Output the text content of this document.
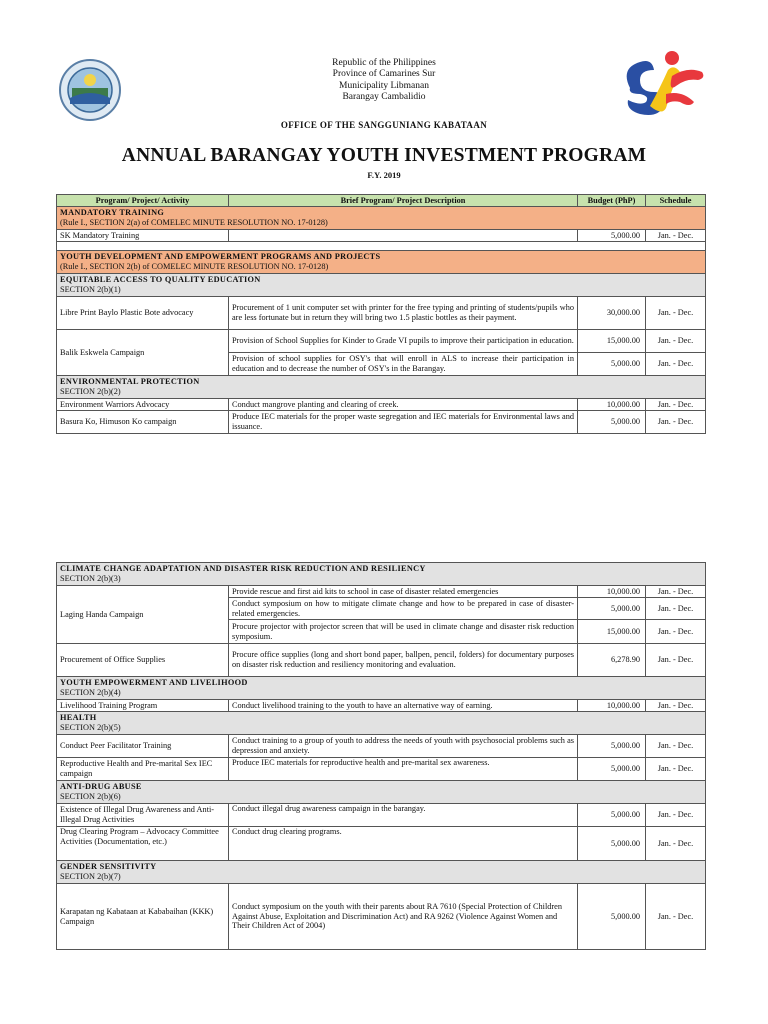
Republic of the Philippines
Province of Camarines Sur
Municipality Libmanan
Barangay Cambalidio
OFFICE OF THE SANGGUNIANG KABATAAN
ANNUAL BARANGAY YOUTH INVESTMENT PROGRAM
F.Y. 2019
Program/ Project/ Activity	Brief Program/ Project Description	Budget (PhP)	Schedule

MANDATORY TRAINING
(Rule I., SECTION 2(a) of COMELEC MINUTE RESOLUTION NO. 17-0128)			

SK Mandatory Training		5,000.00	Jan. - Dec.

YOUTH DEVELOPMENT AND EMPOWERMENT PROGRAMS AND PROJECTS
(Rule I., SECTION 2(b) of COMELEC MINUTE RESOLUTION NO. 17-0128)			

EQUITABLE ACCESS TO QUALITY EDUCATION
SECTION 2(b)(1)			

Libre Print Baylo Plastic Bote advocacy	Procurement of 1 unit computer set with printer for the free typing and printing of students/pupils who are less fortunate but in return they will bring two 1.5 plastic bottles as their payment.	30,000.00	Jan. - Dec.
Balik Eskwela Campaign	Provision of School Supplies for Kinder to Grade VI pupils to improve their participation in education.	15,000.00	Jan. - Dec.
	Provision of school supplies for OSY's that will enroll in ALS to increase their participation in education and to decrease the number of OSY's in the Barangay.	5,000.00	Jan. - Dec.

ENVIRONMENTAL PROTECTION
SECTION 2(b)(2)			

Environment Warriors Advocacy	Conduct mangrove planting and clearing of creek.	10,000.00	Jan. - Dec.
Basura Ko, Himuson Ko campaign	Produce IEC materials for the proper waste segregation and IEC materials for Environmental laws and issuance.	5,000.00	Jan. - Dec.
CLIMATE CHANGE ADAPTATION AND DISASTER RISK REDUCTION AND RESILIENCY
SECTION 2(b)(3)			

Laging Handa Campaign	Provide rescue and first aid kits to school in case of disaster related emergencies	10,000.00	Jan. - Dec.
	Conduct symposium on how to mitigate climate change and how to be prepared in case of disaster-related emergencies.	5,000.00	Jan. - Dec.
	Procure projector with projector screen that will be used in climate change and disaster risk reduction symposium.	15,000.00	Jan. - Dec.
Procurement of Office Supplies	Procure office supplies (long and short bond paper, ballpen, pencil, folders) for documentary purposes on disaster risk reduction and resiliency monitoring and evaluation.	6,278.90	Jan. - Dec.

YOUTH EMPOWERMENT AND LIVELIHOOD
SECTION 2(b)(4)			

Livelihood Training Program	Conduct livelihood training to the youth to have an alternative way of earning.	10,000.00	Jan. - Dec.

HEALTH
SECTION 2(b)(5)			

Conduct Peer Facilitator Training	Conduct training to a group of youth to address the needs of youth with psychosocial problems such as depression and anxiety.	5,000.00	Jan. - Dec.
Reproductive Health and Pre-marital Sex IEC campaign	Produce IEC materials for reproductive health and pre-marital sex awareness.	5,000.00	Jan. - Dec.

ANTI-DRUG ABUSE
SECTION 2(b)(6)			

Existence of Illegal Drug Awareness and Anti-Illegal Drug Activities	Conduct illegal drug awareness campaign in the barangay.	5,000.00	Jan. - Dec.
Drug Clearing Program – Advocacy Committee Activities (Documentation, etc.)	Conduct drug clearing programs.	5,000.00	Jan. - Dec.

GENDER SENSITIVITY
SECTION 2(b)(7)			

Karapatan ng Kabataan at Kababaihan (KKK) Campaign	Conduct symposium on the youth with their parents about RA 7610 (Special Protection of Children Against Abuse, Exploitation and Discrimination Act) and RA 9262 (Violence Against Women and Their Children Act of 2004)	5,000.00	Jan. - Dec.
